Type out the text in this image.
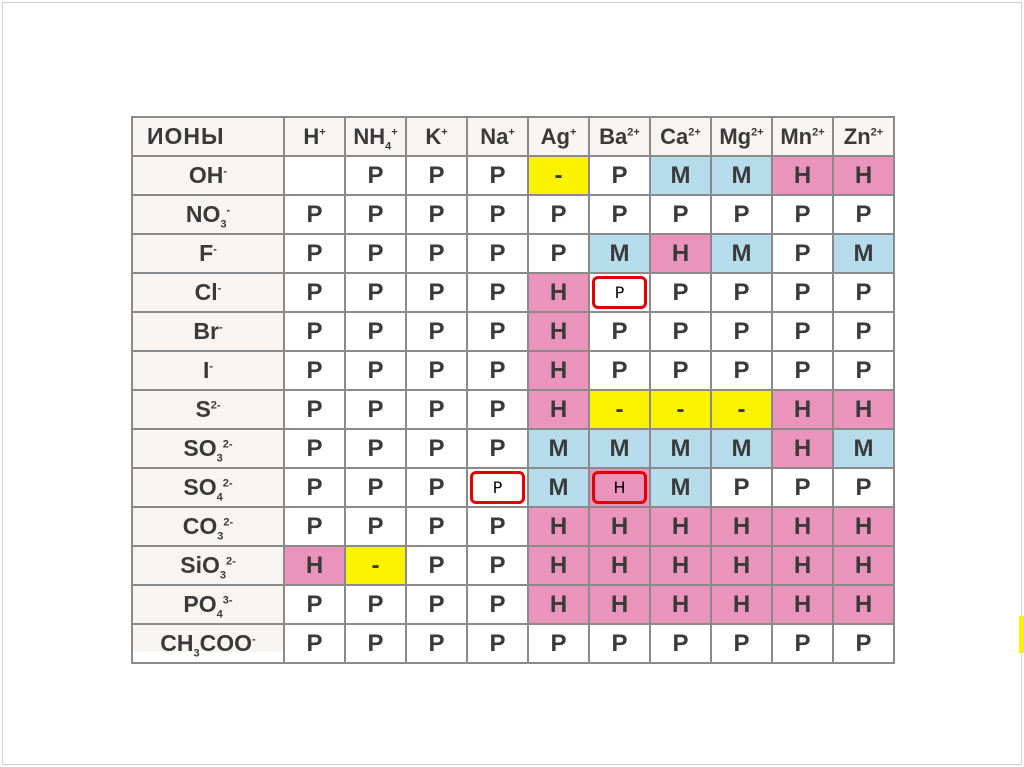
ИОНЫ	H+	$NH_4^+$	K+	Na+	Ag+	$Ba^{2+}$	$Ca^{2+}$	$Mg^{2+}$	$Mn^{2+}$	$Zn^{2+}$
OH-		Р	Р	Р	-	Р	М	М	Н	Н
$NO_3^-$	Р	Р	Р	Р	Р	Р	Р	Р	Р	Р
F-	Р	Р	Р	Р	Р	М	Н	М	Р	М
Cl-	Р	Р	Р	Р	Н	Р	Р	Р	Р	Р
Br-	Р	Р	Р	Р	Н	Р	Р	Р	Р	Р
I-	Р	Р	Р	Р	Н	Р	Р	Р	Р	Р
$S^{2-}$	Р	Р	Р	Р	Н	-	-	-	Н	Н
$SO_3^{2-}$	Р	Р	Р	Р	М	М	М	М	Н	М
$SO_4^{2-}$	Р	Р	Р	Р	М	Н	М	Р	Р	Р
$CO_3^{2-}$	Р	Р	Р	Р	Н	Н	Н	Н	Н	Н
SiO$_3^{2-}$	Н	-	Р	Р	Н	Н	Н	Н	Н	Н
$PO_4^{3-}$	Р	Р	Р	Р	Н	Н	Н	Н	Н	Н
$CH_3COO^-$	Р	Р	Р	Р	Р	Р	Р	Р	Р	Р
